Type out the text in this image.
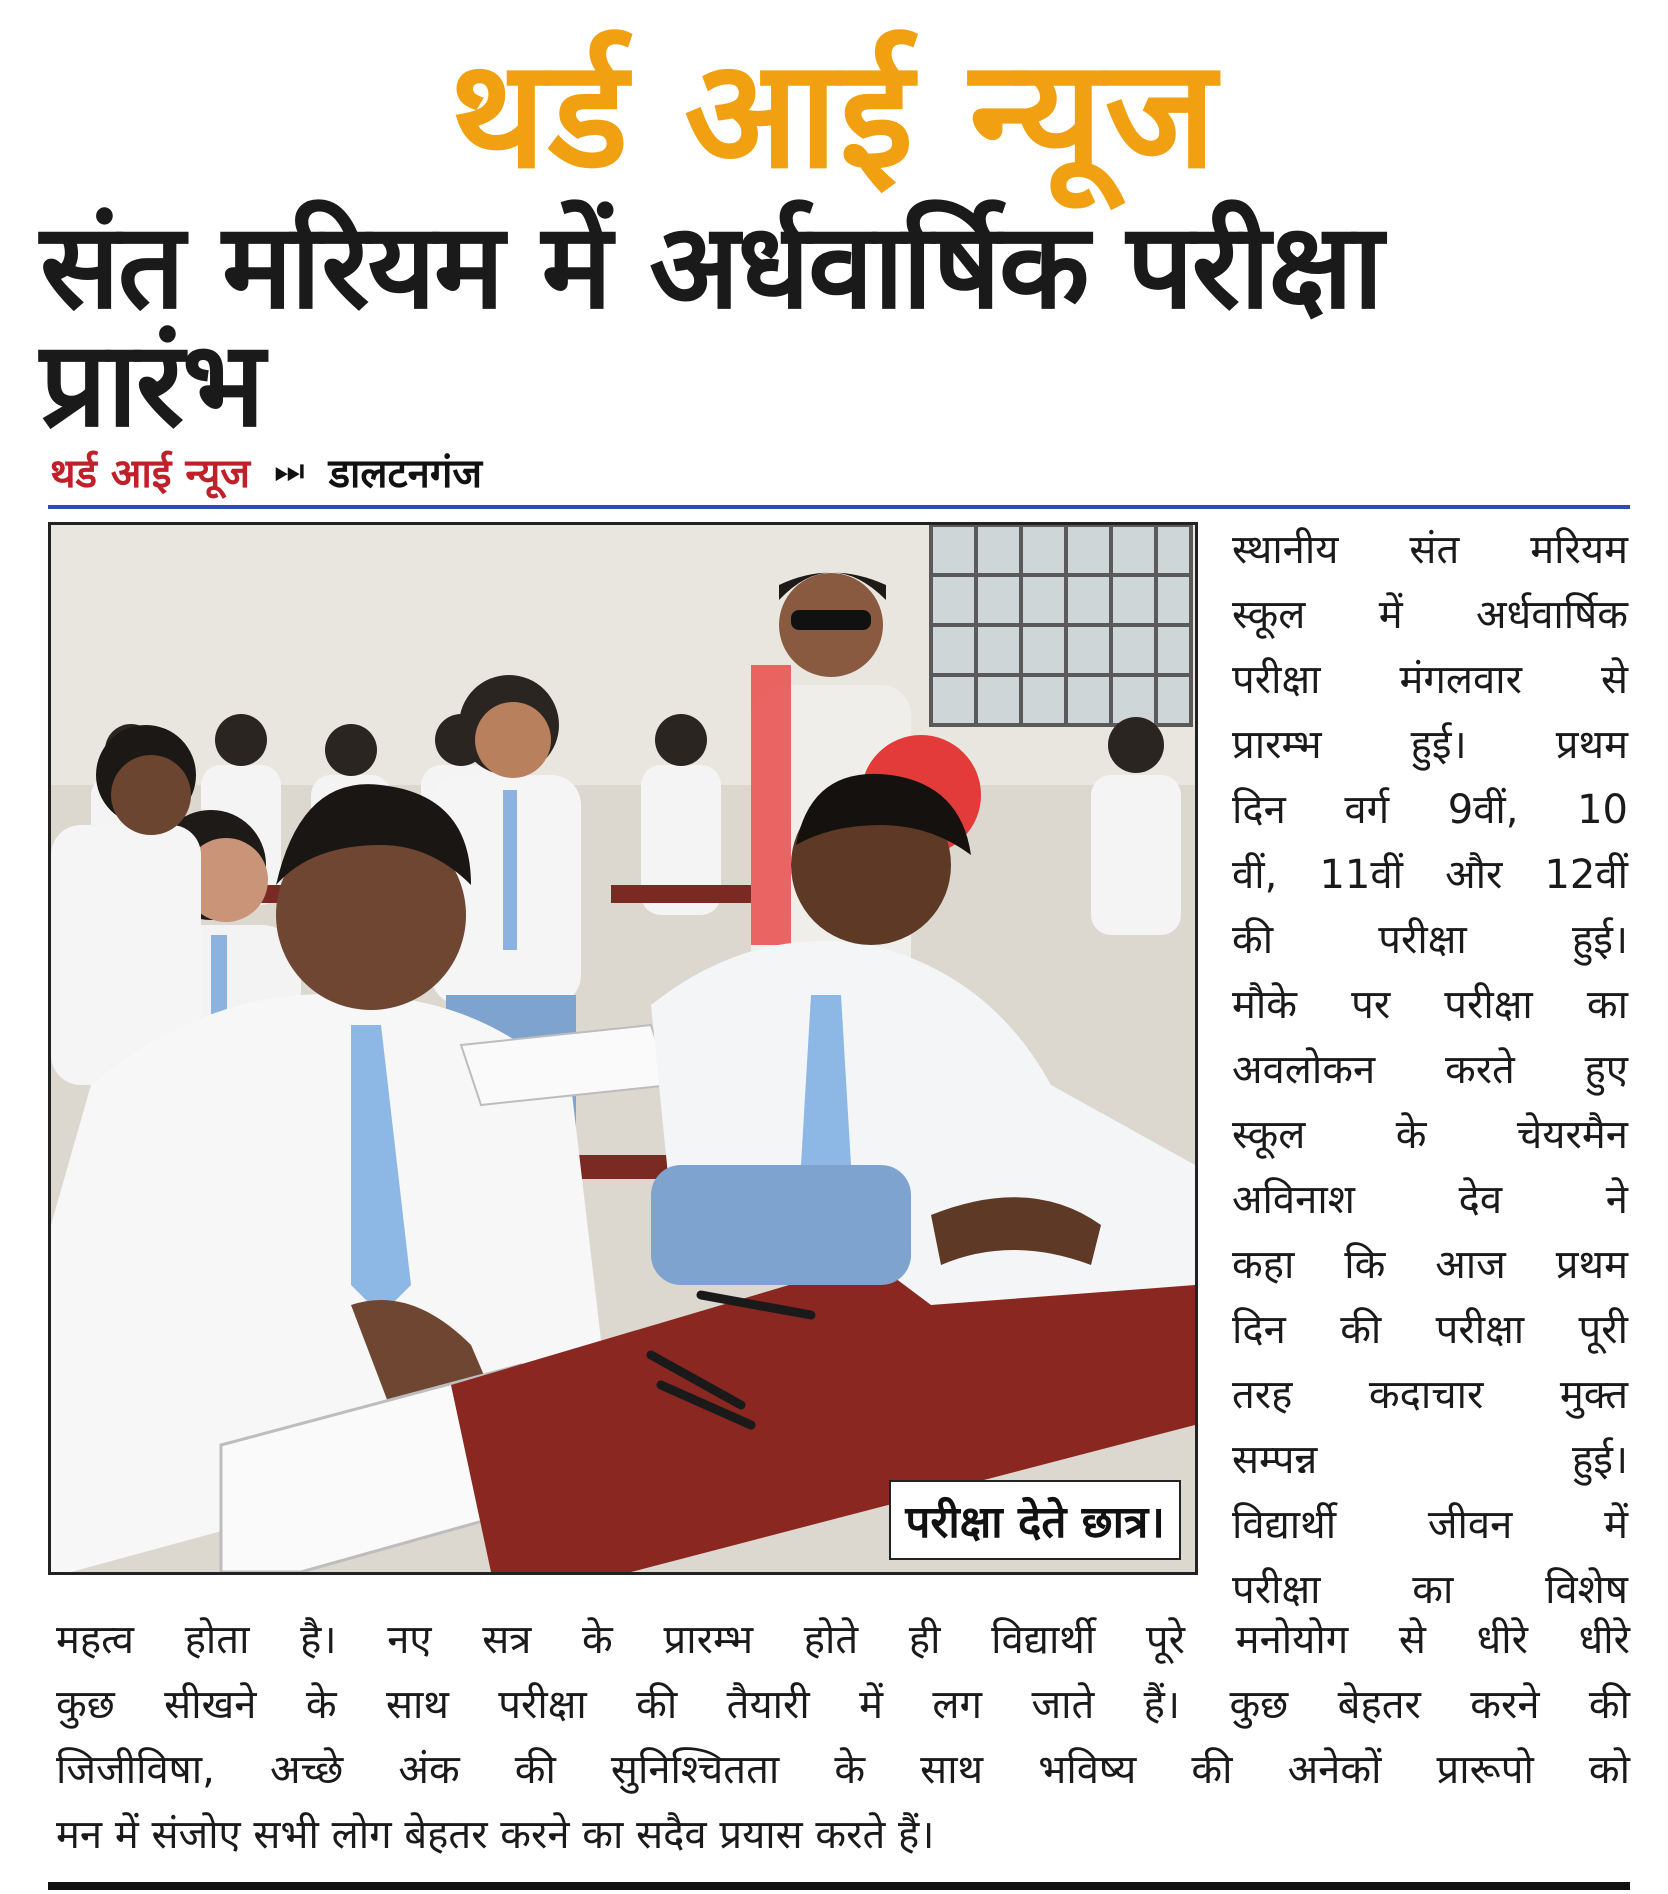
थर्ड आई न्यूज
संत मरियम में अर्धवार्षिक परीक्षा प्रारंभ
थर्ड आई न्यूज ⏭ डालटनगंज
परीक्षा देते छात्र।
स्थानीय संत मरियम
स्कूल में अर्धवार्षिक
परीक्षा मंगलवार से
प्रारम्भ हुई। प्रथम
दिन वर्ग 9वीं, 10
वीं, 11वीं और 12वीं
की परीक्षा हुई।
मौके पर परीक्षा का
अवलोकन करते हुए
स्कूल के चेयरमैन
अविनाश देव ने
कहा कि आज प्रथम
दिन की परीक्षा पूरी
तरह कदाचार मुक्त
सम्पन्न हुई।
विद्यार्थी जीवन में
परीक्षा का विशेष
महत्व होता है। नए सत्र के प्रारम्भ होते ही विद्यार्थी पूरे मनोयोग से धीरे धीरे
कुछ सीखने के साथ परीक्षा की तैयारी में लग जाते हैं। कुछ बेहतर करने की
जिजीविषा, अच्छे अंक की सुनिश्चितता के साथ भविष्य की अनेकों प्रारूपो को
मन में संजोए सभी लोग बेहतर करने का सदैव प्रयास करते हैं।
